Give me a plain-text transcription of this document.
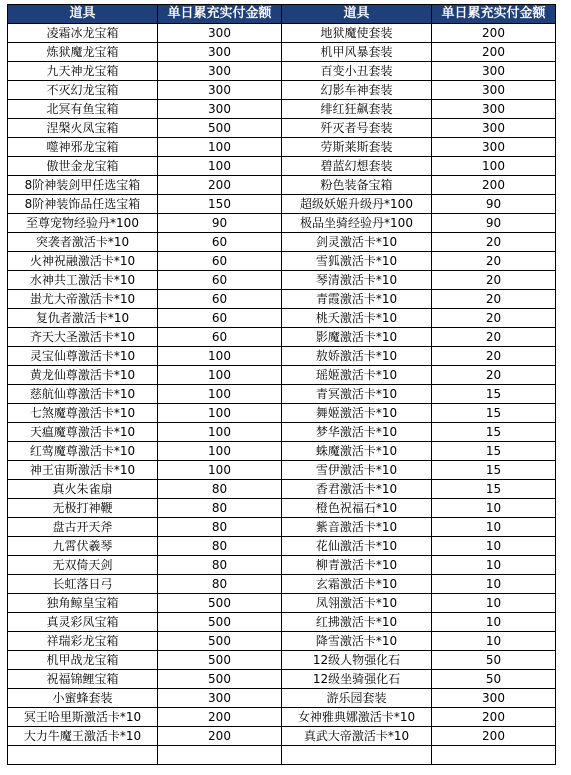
道具	单日累充实付金额	道具	单日累充实付金额
凌霜冰龙宝箱	300	地狱魔使套装	200
炼狱魔龙宝箱	300	机甲风暴套装	200
九天神龙宝箱	300	百变小丑套装	300
不灭幻龙宝箱	300	幻影车神套装	300
北冥有鱼宝箱	300	绯红狂飙套装	300
涅槃火凤宝箱	500	歼灭者号套装	300
噬神邪龙宝箱	100	劳斯莱斯套装	300
傲世金龙宝箱	100	碧蓝幻想套装	100
8阶神装剑甲任选宝箱	200	粉色装备宝箱	200
8阶神装饰品任选宝箱	150	超级妖姬升级丹*100	90
至尊宠物经验丹*100	90	极品坐骑经验丹*100	90
突袭者激活卡*10	60	剑灵激活卡*10	20
火神祝融激活卡*10	60	雪狐激活卡*10	20
水神共工激活卡*10	60	琴清激活卡*10	20
蚩尤大帝激活卡*10	60	青霞激活卡*10	20
复仇者激活卡*10	60	桃夭激活卡*10	20
齐天大圣激活卡*10	60	影魔激活卡*10	20
灵宝仙尊激活卡*10	100	敖娇激活卡*10	20
黄龙仙尊激活卡*10	100	瑶姬激活卡*10	20
慈航仙尊激活卡*10	100	青冥激活卡*10	15
七煞魔尊激活卡*10	100	舞姬激活卡*10	15
天瘟魔尊激活卡*10	100	梦华激活卡*10	15
红莺魔尊激活卡*10	100	蛛魔激活卡*10	15
神王宙斯激活卡*10	100	雪伊激活卡*10	15
真火朱雀扇	80	香君激活卡*10	15
无极打神鞭	80	橙色祝福石*10	10
盘古开天斧	80	紫音激活卡*10	10
九霄伏羲琴	80	花仙激活卡*10	10
无双倚天剑	80	柳青激活卡*10	10
长虹落日弓	80	玄霜激活卡*10	10
独角鲸皇宝箱	500	凤翎激活卡*10	10
真灵彩凤宝箱	500	红拂激活卡*10	10
祥瑞彩龙宝箱	500	降雪激活卡*10	10
机甲战龙宝箱	500	12级人物强化石	50
祝福锦鲤宝箱	500	12级坐骑强化石	50
小蜜蜂套装	300	游乐园套装	300
冥王哈里斯激活卡*10	200	女神雅典娜激活卡*10	200
大力牛魔王激活卡*10	200	真武大帝激活卡*10	200
